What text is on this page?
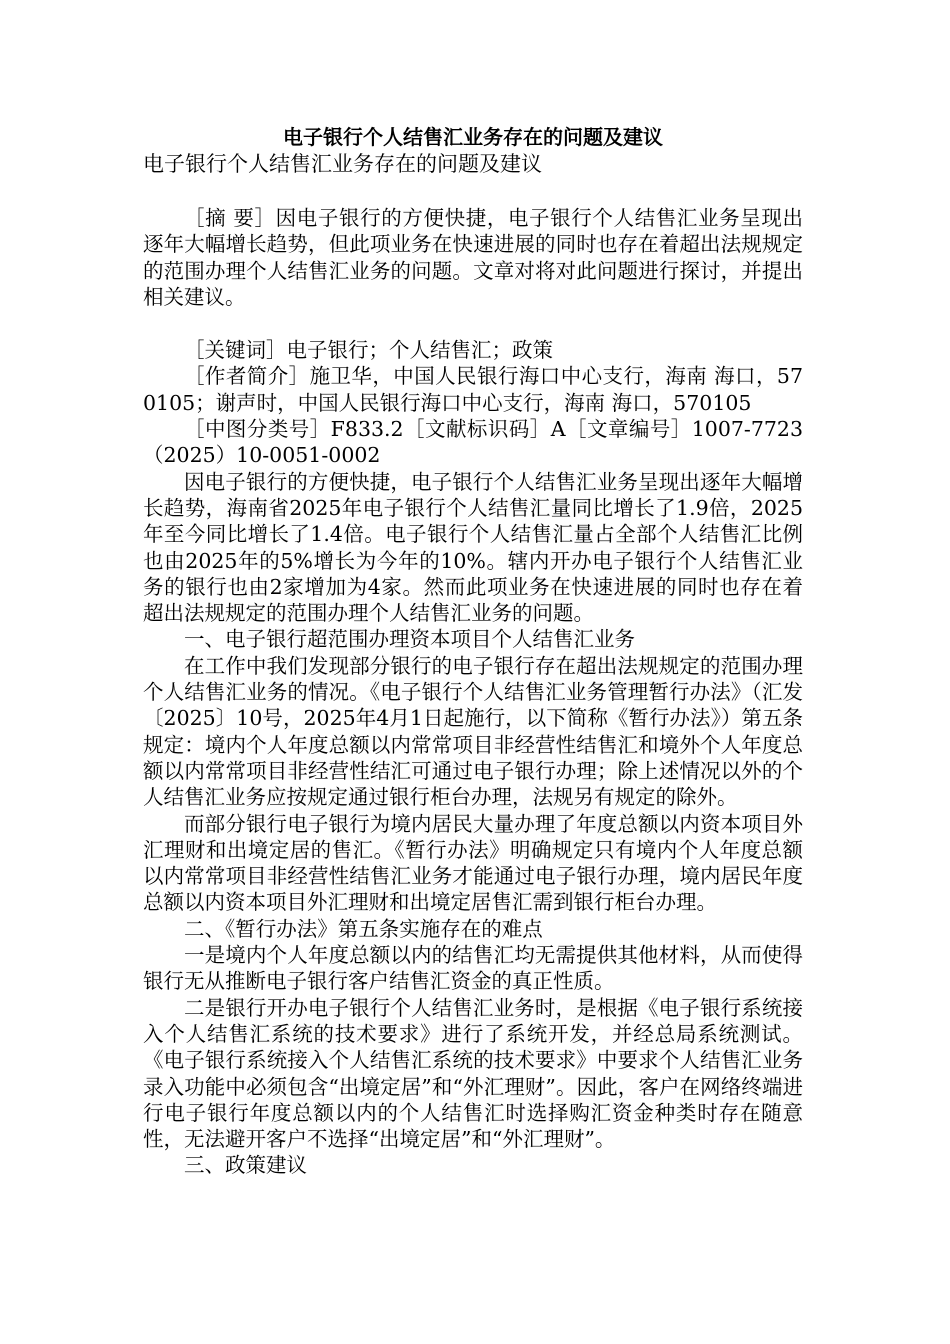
电子银行个人结售汇业务存在的问题及建议

电子银行个人结售汇业务存在的问题及建议

［摘 要］因电子银行的方便快捷，电子银行个人结售汇业务呈现出逐年大幅增长趋势，但此项业务在快速进展的同时也存在着超出法规规定的范围办理个人结售汇业务的问题。文章对将对此问题进行探讨，并提出相关建议。

［关键词］电子银行；个人结售汇；政策

［作者简介］施卫华，中国人民银行海口中心支行，海南 海口，570105；谢声时，中国人民银行海口中心支行，海南 海口，570105

［中图分类号］F833.2［文献标识码］A［文章编号］1007-7723（2025）10-0051-0002

因电子银行的方便快捷，电子银行个人结售汇业务呈现出逐年大幅增长趋势，海南省2025年电子银行个人结售汇量同比增长了1.9倍，2025年至今同比增长了1.4倍。电子银行个人结售汇量占全部个人结售汇比例也由2025年的5%增长为今年的10%。辖内开办电子银行个人结售汇业务的银行也由2家增加为4家。然而此项业务在快速进展的同时也存在着超出法规规定的范围办理个人结售汇业务的问题。

一、电子银行超范围办理资本项目个人结售汇业务

在工作中我们发现部分银行的电子银行存在超出法规规定的范围办理个人结售汇业务的情况。《电子银行个人结售汇业务管理暂行办法》（汇发〔2025〕10号，2025年4月1日起施行，以下简称《暂行办法》）第五条规定：境内个人年度总额以内常常项目非经营性结售汇和境外个人年度总额以内常常项目非经营性结汇可通过电子银行办理；除上述情况以外的个人结售汇业务应按规定通过银行柜台办理，法规另有规定的除外。

而部分银行电子银行为境内居民大量办理了年度总额以内资本项目外汇理财和出境定居的售汇。《暂行办法》明确规定只有境内个人年度总额以内常常项目非经营性结售汇业务才能通过电子银行办理，境内居民年度总额以内资本项目外汇理财和出境定居售汇需到银行柜台办理。

二、《暂行办法》第五条实施存在的难点

一是境内个人年度总额以内的结售汇均无需提供其他材料，从而使得银行无从推断电子银行客户结售汇资金的真正性质。

二是银行开办电子银行个人结售汇业务时，是根据《电子银行系统接入个人结售汇系统的技术要求》进行了系统开发，并经总局系统测试。《电子银行系统接入个人结售汇系统的技术要求》中要求个人结售汇业务录入功能中必须包含“出境定居”和“外汇理财”。因此，客户在网络终端进行电子银行年度总额以内的个人结售汇时选择购汇资金种类时存在随意性，无法避开客户不选择“出境定居”和“外汇理财”。

三、政策建议
